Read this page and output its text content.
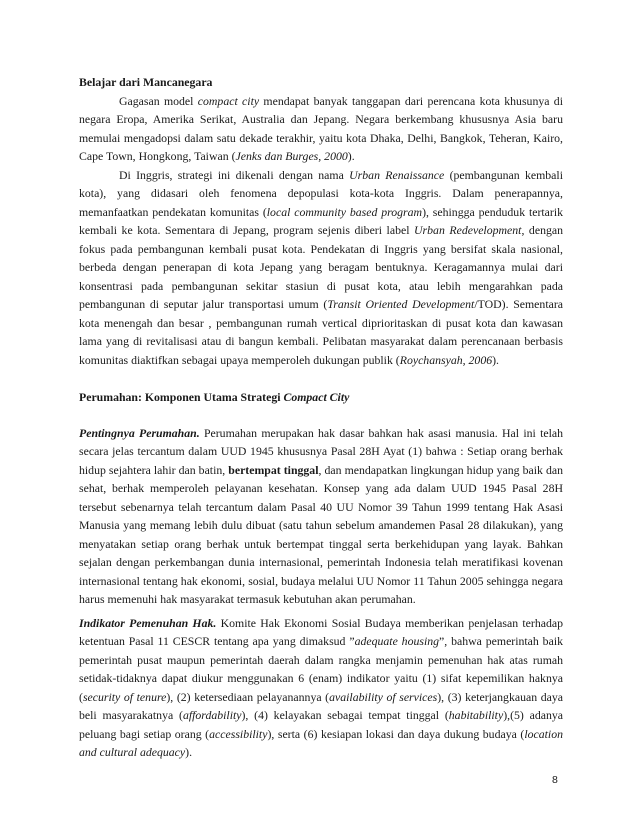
Belajar dari Mancanegara

Gagasan model compact city mendapat banyak tanggapan dari perencana kota khusunya di negara Eropa, Amerika Serikat, Australia dan Jepang. Negara berkembang khususnya Asia baru memulai mengadopsi dalam satu dekade terakhir, yaitu kota Dhaka, Delhi, Bangkok, Teheran, Kairo, Cape Town, Hongkong, Taiwan (Jenks dan Burges, 2000).

Di Inggris, strategi ini dikenali dengan nama Urban Renaissance (pembangunan kembali kota), yang didasari oleh fenomena depopulasi kota-kota Inggris. Dalam penerapannya, memanfaatkan pendekatan komunitas (local community based program), sehingga penduduk tertarik kembali ke kota. Sementara di Jepang, program sejenis diberi label Urban Redevelopment, dengan fokus pada pembangunan kembali pusat kota. Pendekatan di Inggris yang bersifat skala nasional, berbeda dengan penerapan di kota Jepang yang beragam bentuknya. Keragamannya mulai dari konsentrasi pada pembangunan sekitar stasiun di pusat kota, atau lebih mengarahkan pada pembangunan di seputar jalur transportasi umum (Transit Oriented Development/TOD). Sementara kota menengah dan besar , pembangunan rumah vertical diprioritaskan di pusat kota dan kawasan lama yang di revitalisasi atau di bangun kembali. Pelibatan masyarakat dalam perencanaan berbasis komunitas diaktifkan sebagai upaya memperoleh dukungan publik (Roychansyah, 2006).

Perumahan: Komponen Utama Strategi Compact City

Pentingnya Perumahan. Perumahan merupakan hak dasar bahkan hak asasi manusia. Hal ini telah secara jelas tercantum dalam UUD 1945 khususnya Pasal 28H Ayat (1) bahwa : Setiap orang berhak hidup sejahtera lahir dan batin, bertempat tinggal, dan mendapatkan lingkungan hidup yang baik dan sehat, berhak memperoleh pelayanan kesehatan. Konsep yang ada dalam UUD 1945 Pasal 28H tersebut sebenarnya telah tercantum dalam Pasal 40 UU Nomor 39 Tahun 1999 tentang Hak Asasi Manusia yang memang lebih dulu dibuat (satu tahun sebelum amandemen Pasal 28 dilakukan), yang menyatakan setiap orang berhak untuk bertempat tinggal serta berkehidupan yang layak. Bahkan sejalan dengan perkembangan dunia internasional, pemerintah Indonesia telah meratifikasi kovenan internasional tentang hak ekonomi, sosial, budaya melalui UU Nomor 11 Tahun 2005 sehingga negara harus memenuhi hak masyarakat termasuk kebutuhan akan perumahan.

Indikator Pemenuhan Hak. Komite Hak Ekonomi Sosial Budaya memberikan penjelasan terhadap ketentuan Pasal 11 CESCR tentang apa yang dimaksud ”adequate housing”, bahwa pemerintah baik pemerintah pusat maupun pemerintah daerah dalam rangka menjamin pemenuhan hak atas rumah setidak-tidaknya dapat diukur menggunakan 6 (enam) indikator yaitu (1) sifat kepemilikan haknya (security of tenure), (2) ketersediaan pelayanannya (availability of services), (3) keterjangkauan daya beli masyarakatnya (affordability), (4) kelayakan sebagai tempat tinggal (habitability),(5) adanya peluang bagi setiap orang (accessibility), serta (6) kesiapan lokasi dan daya dukung budaya (location and cultural adequacy).

8
